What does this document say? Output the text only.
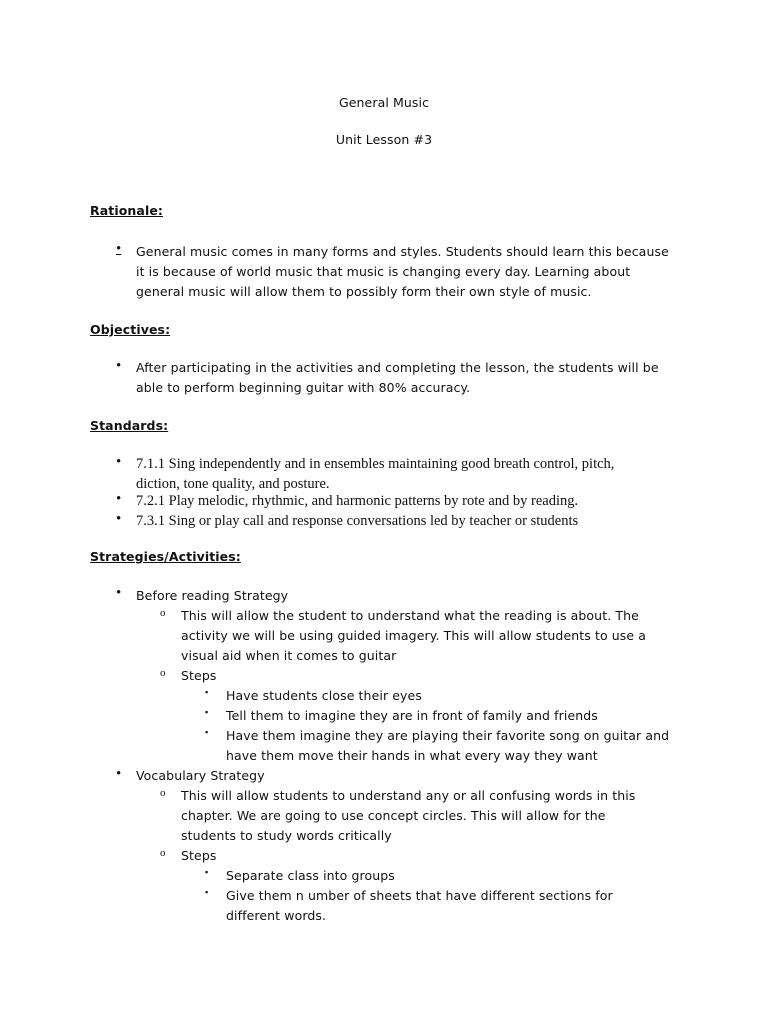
General Music
Unit Lesson #3
Rationale:
• General music comes in many forms and styles. Students should learn this because it is because of world music that music is changing every day. Learning about general music will allow them to possibly form their own style of music.
Objectives:
• After participating in the activities and completing the lesson, the students will be able to perform beginning guitar with 80% accuracy.
Standards:
• 7.1.1 Sing independently and in ensembles maintaining good breath control, pitch, diction, tone quality, and posture.
• 7.2.1 Play melodic, rhythmic, and harmonic patterns by rote and by reading.
• 7.3.1 Sing or play call and response conversations led by teacher or students
Strategies/Activities:
• Before reading Strategy
o This will allow the student to understand what the reading is about. The activity we will be using guided imagery. This will allow students to use a visual aid when it comes to guitar
o Steps
▪ Have students close their eyes
▪ Tell them to imagine they are in front of family and friends
▪ Have them imagine they are playing their favorite song on guitar and have them move their hands in what every way they want
• Vocabulary Strategy
o This will allow students to understand any or all confusing words in this chapter. We are going to use concept circles. This will allow for the students to study words critically
o Steps
▪ Separate class into groups
▪ Give them n umber of sheets that have different sections for different words.
